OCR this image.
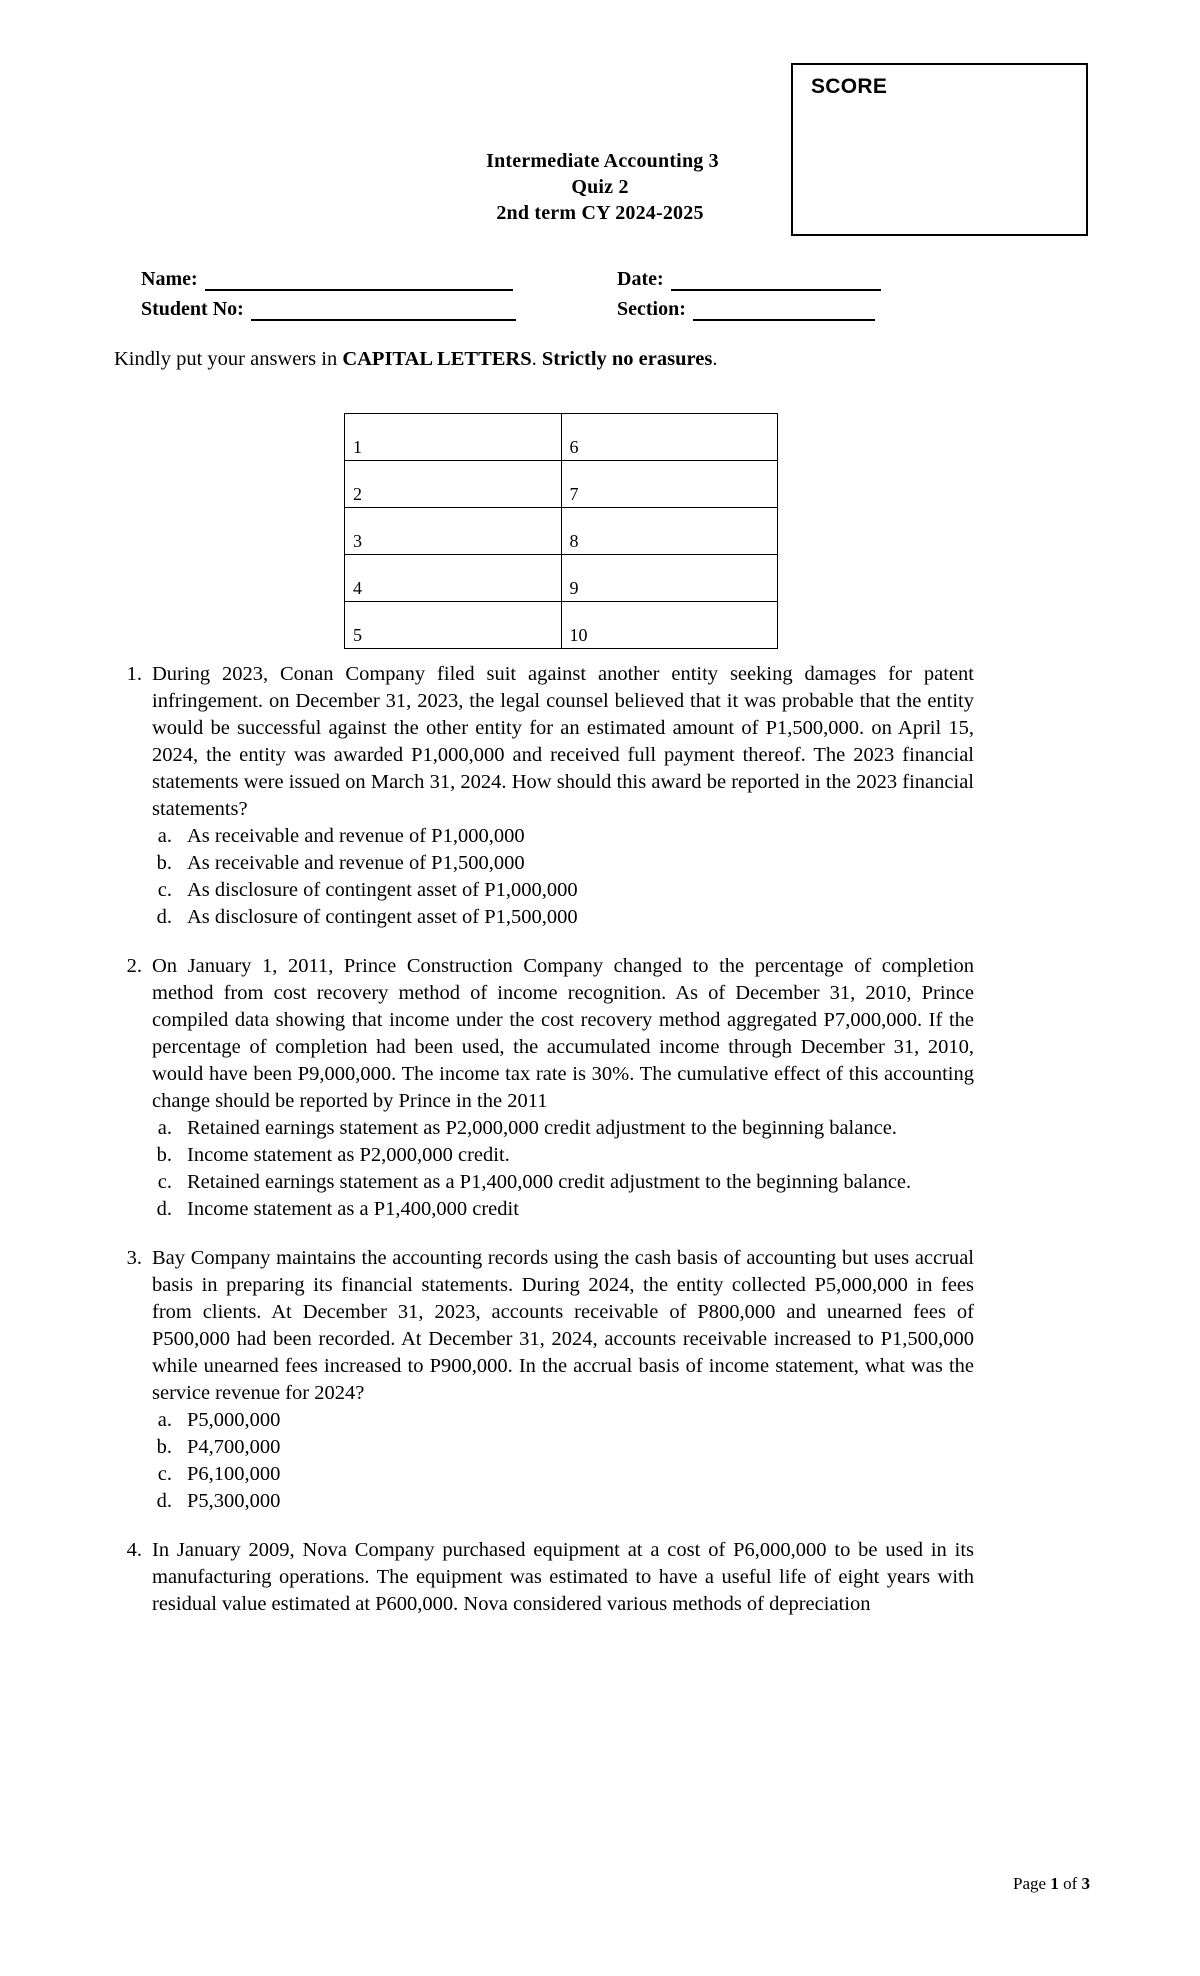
SCORE
Intermediate Accounting 3
Quiz 2
2nd term CY 2024-2025
Name:	Date:
Student No:	Section:
Kindly put your answers in CAPITAL LETTERS. Strictly no erasures.
1	6
2	7
3	8
4	9
5	10
1. During 2023, Conan Company filed suit against another entity seeking damages for patent infringement. on December 31, 2023, the legal counsel believed that it was probable that the entity would be successful against the other entity for an estimated amount of P1,500,000. on April 15, 2024, the entity was awarded P1,000,000 and received full payment thereof. The 2023 financial statements were issued on March 31, 2024. How should this award be reported in the 2023 financial statements?
a. As receivable and revenue of P1,000,000
b. As receivable and revenue of P1,500,000
c. As disclosure of contingent asset of P1,000,000
d. As disclosure of contingent asset of P1,500,000
2. On January 1, 2011, Prince Construction Company changed to the percentage of completion method from cost recovery method of income recognition. As of December 31, 2010, Prince compiled data showing that income under the cost recovery method aggregated P7,000,000. If the percentage of completion had been used, the accumulated income through December 31, 2010, would have been P9,000,000. The income tax rate is 30%. The cumulative effect of this accounting change should be reported by Prince in the 2011
a. Retained earnings statement as P2,000,000 credit adjustment to the beginning balance.
b. Income statement as P2,000,000 credit.
c. Retained earnings statement as a P1,400,000 credit adjustment to the beginning balance.
d. Income statement as a P1,400,000 credit
3. Bay Company maintains the accounting records using the cash basis of accounting but uses accrual basis in preparing its financial statements. During 2024, the entity collected P5,000,000 in fees from clients. At December 31, 2023, accounts receivable of P800,000 and unearned fees of P500,000 had been recorded. At December 31, 2024, accounts receivable increased to P1,500,000 while unearned fees increased to P900,000. In the accrual basis of income statement, what was the service revenue for 2024?
a. P5,000,000
b. P4,700,000
c. P6,100,000
d. P5,300,000
4. In January 2009, Nova Company purchased equipment at a cost of P6,000,000 to be used in its manufacturing operations. The equipment was estimated to have a useful life of eight years with residual value estimated at P600,000. Nova considered various methods of depreciation
Page 1 of 3
